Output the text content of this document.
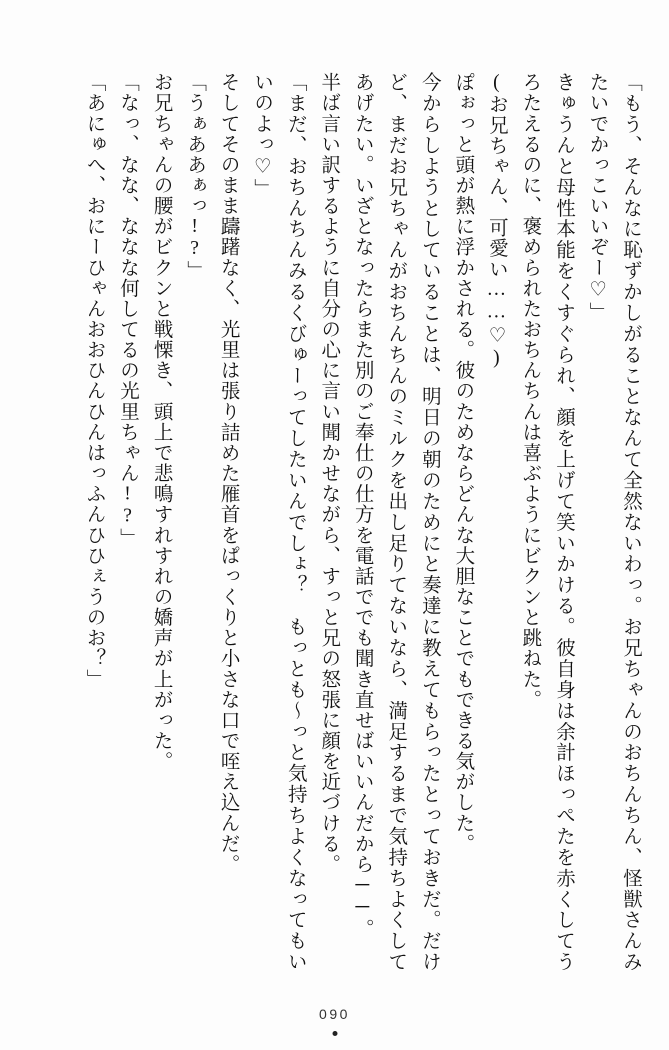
「もう、そんなに恥ずかしがることなんて全然ないわっ。お兄ちゃんのおちんちん、怪獣さんみたいでかっこいいぞー♡」

きゅうんと母性本能をくすぐられ、顔を上げて笑いかける。彼自身は余計ほっぺたを赤くしてうろたえるのに、褒められたおちんちんは喜ぶようにビクンと跳ねた。

(お兄ちゃん、可愛い……♡)

ぽぉっと頭が熱に浮かされる。彼のためならどんな大胆なことでもできる気がした。

今からしようとしていることは、明日の朝のためにと奏達に教えてもらったとっておきだ。だけど、まだお兄ちゃんがおちんちんのミルクを出し足りてないなら、満足するまで気持ちよくしてあげたい。いざとなったらまた別のご奉仕の仕方を電話ででも聞き直せばいいんだから──。

半ば言い訳するように自分の心に言い聞かせながら、すっと兄の怒張に顔を近づける。

「まだ、おちんちんみるくびゅーってしたいんでしょ？　もっとも～っと気持ちよくなってもいいのよっ♡」

そしてそのまま躊躇なく、光里は張り詰めた雁首をぱっくりと小さな口で咥え込んだ。

「うぁああぁっ!?」

お兄ちゃんの腰がビクンと戦慄き、頭上で悲鳴すれすれの嬌声が上がった。

「なっ、なな、ななな何してるの光里ちゃん!?」

「あにゅへ、おにーひゃんおおひんひんはっふんひひぇうのお？」

090
